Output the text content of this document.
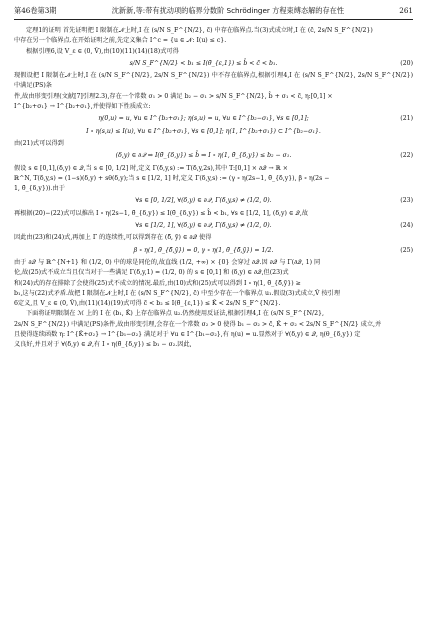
第46卷第3期	沈新新,等:带有扰动项的临界分数阶 Schrödinger 方程束缚态解的存在性	261

定理1的证明 首先证明把 I 限制在𝒩上时,I 在 (s/N S_F^{N/2}, c̃) 中存在临界点.当(3)式成立时,I 在 (c̃, 2s/N S_F^{N/2})

中存在另一个临界点.在开始证明之前,先定义集合 I^c = {u ∈ 𝒩: I(u) ≤ c}.

根据引理6,设 V_ε ∈ (0, V̂),由(10)(11)(14)(18)式可得

s/N S_F^{N/2} < b₁ ≤ I(θ̃_{ε,1}) ≤ b̂ < c̃ < b₁.	(20)

现假设把 I 限制在𝒩上时,I 在 (s/N S_F^{N/2}, 2s/N S_F^{N/2}) 中不存在临界点,根据引理4,I 在 (s/N S_F^{N/2}, 2s/N S_F^{N/2}) 中满足(PS)条

件,故由形变引理(文献[7]引理2.3),存在一个常数 σ₁ > 0 满足 b₂ − σ₁ > s/N S_F^{N/2}, b̂ + σ₁ < c̃, η:[0,1] ×

I^{b₂+σ₁} → I^{b₂+σ₁},并使得如下性质成立:

η(0,u) = u, ∀u ∈ I^{b₂+σ₁}; η(s,u) = u, ∀u ∈ I^{b₂−σ₁}, ∀s ∈ [0,1];	(21)
I ∘ η(s,u) ≤ I(u), ∀u ∈ I^{b₂+σ₁}, ∀s ∈ [0,1]; η(1, I^{b₂+σ₁}) ⊂ I^{b₂−σ₁}.

由(21)式可以得到

(δ,y) ∈ ∂𝒬 ⇒ I(θ̃_{δ,y}) ≤ b̂ ⇒ I ∘ η(1, θ̃_{δ,y}) ≤ b₂ − σ₁.	(22)

假设 s ∈ [0,1],(δ,y) ∈ 𝒬,当 s ∈ [0, 1/2] 时,定义 Γ(δ,y,s) := T(δ,y,2s),其中 T:[0,1] × ∂𝒬 → ℝ ×

ℝ^N, T(δ,y,s) = (1−s)(δ,y) + sθ(δ,y);当 s ∈ [1/2, 1] 时,定义 Γ(δ,y,s) := (γ ∘ η(2s−1, θ̃_{δ,y}), β ∘ η(2s −

1, θ̃_{δ,y})).由于

∀s ∈ [0, 1/2], ∀(δ,y) ∈ ∂𝒬, Γ(δ,y,s) ≠ (1/2, 0).	(23)

再根据(20)−(22)式可以推出 I ∘ η(2s−1, θ̃_{δ,y}) ≤ I(θ̃_{δ,y}) ≤ b̂ < b₁, ∀s ∈ [1/2, 1], (δ,y) ∈ 𝒬,故

∀s ∈ [1/2, 1], ∀(δ,y) ∈ ∂𝒬, Γ(δ,y,s) ≠ (1/2, 0).	(24)

因此由(23)和(24)式,再加上 Γ 的连续性,可以得到存在 (δ̃, ỹ) ∈ ∂𝒬 使得

β ∘ η(1, θ̃_{δ̃,ỹ}) = 0, γ ∘ η(1, θ̃_{δ̃,ỹ}) = 1/2.	(25)

由于 ∂𝒬 与 ℝ^{N+1} 和 (1/2, 0) 中的球是同伦的,故直线 (1/2, +∞) × {0} 会穿过 ∂𝒬.因 ∂𝒬 与 Γ(∂𝒬, 1) 同

伦,故(25)式不成立当且仅当对于一些满足 Γ(δ,y,1) = (1/2, 0) 的 s ∈ [0,1] 和 (δ,y) ∈ ∂𝒬,但(23)式

和(24)式的存在排除了会使得(25)式不成立的情况.最后,由(10)式和(25)式可以得到 I ∘ η(1, θ̃_{δ̃,ỹ}) ≥

b₁,这与(22)式矛盾.故把 I 限制在𝒩上时,I 在 (s/N S_F^{N/2}, c̃) 中至少存在一个临界点 u₁.假设(3)式成立,V̂ 按引理

6定义,且 V_ε ∈ (0, V̂),由(11)(14)(19)式可得 c̃ < b₂ ≤ I(θ̃_{ε,1}) ≤ K̂ < 2s/N S_F^{N/2}.

下面将证明限制在 ℳ 上的 I 在 (b₁, K̂) 上存在临界点 u₂.仍然使用反证法,根据引理4,I 在 (s/N S_F^{N/2},

2s/N S_F^{N/2}) 中满足(PS)条件,故由形变引理,会存在一个常数 σ₂ > 0 使得 b₁ − σ₂ > c̃, K̂ + σ₂ < 2s/N S_F^{N/2} 成立,并

且使得连续函数 η: I^{K̂+σ₂} → I^{b₁−σ₂} 满足对于 ∀u ∈ I^{b₁−σ₂},有 η(u) = u.显然对于 ∀(δ,y) ∈ 𝒬, η(θ_{δ,y}) 定

义良好,并且对于 ∀(δ,y) ∈ 𝒬,有 I ∘ η(θ̃_{δ,y}) ≤ b₁ − σ₂.因此,
